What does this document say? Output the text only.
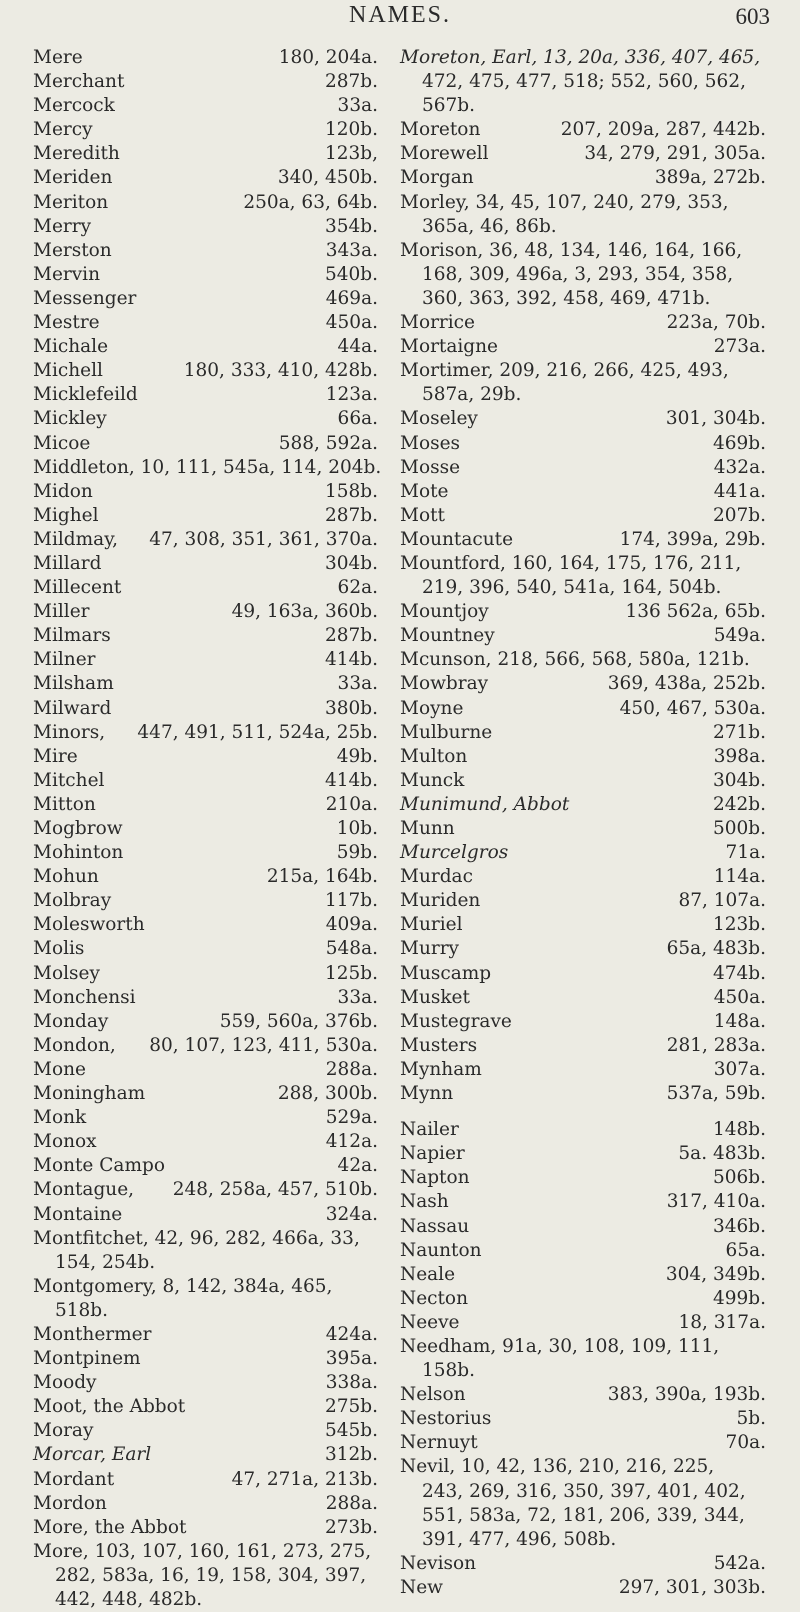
NAMES.	603
Mere	180, 204a.
Merchant	287b.
Mercock	33a.
Mercy	120b.
Meredith	123b,
Meriden	340, 450b.
Meriton	250a, 63, 64b.
Merry	354b.
Merston	343a.
Mervin	540b.
Messenger	469a.
Mestre	450a.
Michale	44a.
Michell	180, 333, 410, 428b.
Micklefeild	123a.
Mickley	66a.
Micoe	588, 592a.
Middleton, 10, 111, 545a, 114, 204b.
Midon	158b.
Mighel	287b.
Mildmay, 47, 308, 351, 361, 370a.
Millard	304b.
Millecent	62a.
Miller	49, 163a, 360b.
Milmars	287b.
Milner	414b.
Milsham	33a.
Milward	380b.
Minors, 447, 491, 511, 524a, 25b.
Mire	49b.
Mitchel	414b.
Mitton	210a.
Mogbrow	10b.
Mohinton	59b.
Mohun	215a, 164b.
Molbray	117b.
Molesworth	409a.
Molis	548a.
Molsey	125b.
Monchensi	33a.
Monday	559, 560a, 376b.
Mondon, 80, 107, 123, 411, 530a.
Mone	288a.
Moningham	288, 300b.
Monk	529a.
Monox	412a.
Monte Campo	42a.
Montague, 248, 258a, 457, 510b.
Montaine	324a.
Montfitchet, 42, 96, 282, 466a, 33,
154, 254b.
Montgomery, 8, 142, 384a, 465,
518b.
Monthermer	424a.
Montpinem	395a.
Moody	338a.
Moot, the Abbot	275b.
Moray	545b.
Morcar, Earl	312b.
Mordant	47, 271a, 213b.
Mordon	288a.
More, the Abbot	273b.
More, 103, 107, 160, 161, 273, 275,
282, 583a, 16, 19, 158, 304, 397, 442, 448, 482b.
Moreton, Earl, 13, 20a, 336, 407, 465,
472, 475, 477, 518; 552, 560, 562, 567b.
Moreton	207, 209a, 287, 442b.
Morewell	34, 279, 291, 305a.
Morgan	389a, 272b.
Morley, 34, 45, 107, 240, 279, 353,
365a, 46, 86b.
Morison, 36, 48, 134, 146, 164, 166,
168, 309, 496a, 3, 293, 354, 358, 360, 363, 392, 458, 469, 471b.
Morrice	223a, 70b.
Mortaigne	273a.
Mortimer, 209, 216, 266, 425, 493,
587a, 29b.
Moseley	301, 304b.
Moses	469b.
Mosse	432a.
Mote	441a.
Mott	207b.
Mountacute	174, 399a, 29b.
Mountford, 160, 164, 175, 176, 211,
219, 396, 540, 541a, 164, 504b.
Mountjoy	136 562a, 65b.
Mountney	549a.
Mcunson, 218, 566, 568, 580a, 121b.
Mowbray	369, 438a, 252b.
Moyne	450, 467, 530a.
Mulburne	271b.
Multon	398a.
Munck	304b.
Munimund, Abbot	242b.
Munn	500b.
Murcelgros	71a.
Murdac	114a.
Muriden	87, 107a.
Muriel	123b.
Murry	65a, 483b.
Muscamp	474b.
Musket	450a.
Mustegrave	148a.
Musters	281, 283a.
Mynham	307a.
Mynn	537a, 59b.
Nailer	148b.
Napier	5a. 483b.
Napton	506b.
Nash	317, 410a.
Nassau	346b.
Naunton	65a.
Neale	304, 349b.
Necton	499b.
Neeve	18, 317a.
Needham, 91a, 30, 108, 109, 111,
158b.
Nelson	383, 390a, 193b.
Nestorius	5b.
Nernuyt	70a.
Nevil, 10, 42, 136, 210, 216, 225,
243, 269, 316, 350, 397, 401, 402, 551, 583a, 72, 181, 206, 339, 344, 391, 477, 496, 508b.
Nevison	542a.
New	297, 301, 303b.
